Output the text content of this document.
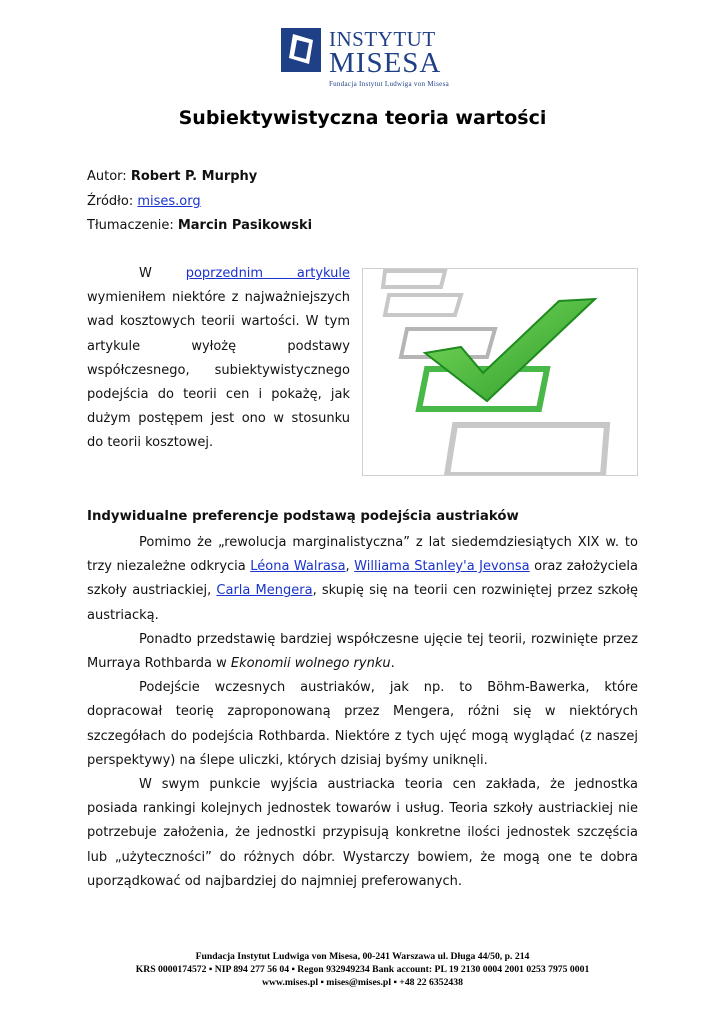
INSTYTUT
MISESA
Fundacja Instytut Ludwiga von Misesa
Subiektywistyczna teoria wartości
Autor: Robert P. Murphy
Źródło: mises.org
Tłumaczenie: Marcin Pasikowski

W poprzednim artykule wymieniłem niektóre z najważniejszych wad kosztowych teorii wartości. W tym artykule wyłożę podstawy współczesnego, subiektywistycznego podejścia do teorii cen i pokażę, jak dużym postępem jest ono w stosunku do teorii kosztowej.

Indywidualne preferencje podstawą podejścia austriaków

Pomimo że „rewolucja marginalistyczna” z lat siedemdziesiątych XIX w. to trzy niezależne odkrycia Léona Walrasa, Williama Stanley'a Jevonsa oraz założyciela szkoły austriackiej, Carla Mengera, skupię się na teorii cen rozwiniętej przez szkołę austriacką.

Ponadto przedstawię bardziej współczesne ujęcie tej teorii, rozwinięte przez Murraya Rothbarda w Ekonomii wolnego rynku.

Podejście wczesnych austriaków, jak np. to Böhm-Bawerka, które dopracował teorię zaproponowaną przez Mengera, różni się w niektórych szczegółach do podejścia Rothbarda. Niektóre z tych ujęć mogą wyglądać (z naszej perspektywy) na ślepe uliczki, których dzisiaj byśmy uniknęli.

W swym punkcie wyjścia austriacka teoria cen zakłada, że jednostka posiada rankingi kolejnych jednostek towarów i usług. Teoria szkoły austriackiej nie potrzebuje założenia, że jednostki przypisują konkretne ilości jednostek szczęścia lub „użyteczności” do różnych dóbr. Wystarczy bowiem, że mogą one te dobra uporządkować od najbardziej do najmniej preferowanych.

Fundacja Instytut Ludwiga von Misesa, 00-241 Warszawa ul. Długa 44/50, p. 214
KRS 0000174572 ▪ NIP 894 277 56 04 ▪ Regon 932949234 Bank account: PL 19 2130 0004 2001 0253 7975 0001
www.mises.pl ▪ mises@mises.pl ▪ +48 22 6352438
